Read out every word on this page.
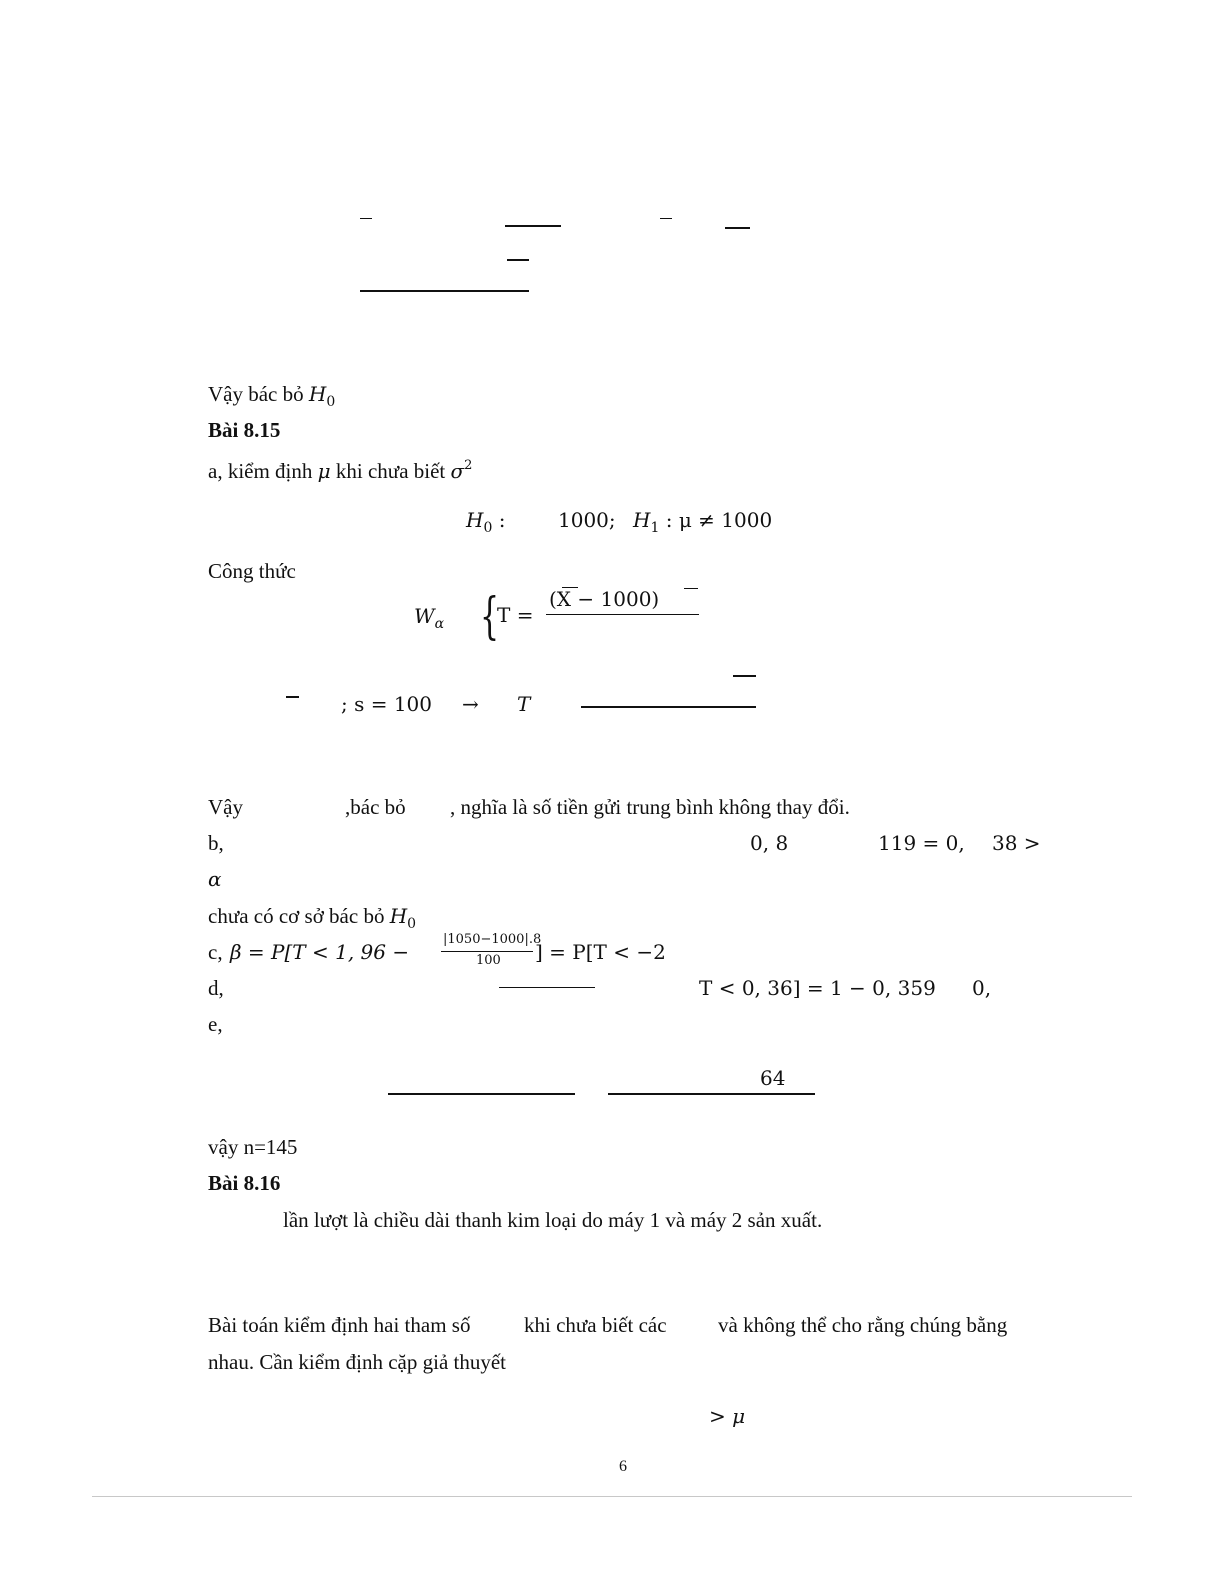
Vậy bác bỏ $H_0$

Bài 8.15

a, kiểm định μ khi chưa biết $\sigma^2$

$H_0$ :	1000; $H_1$ : μ ≠ 1000

Công thức

$W_\alpha$ {

T =

(X − 1000)

; s = 100 → T

Vậy	,bác bỏ , nghĩa là số tiền gửi trung bình không thay đổi.

b,	0, 8	119 = 0, 38 >

α

chưa có cơ sở bác bỏ $H_0$

c, β = P[T < 1, 96 −

|1050−1000|.8

100 ] = P[T < −2

d,	T < 0, 36] = 1 − 0, 359 0,

e,

64

vậy n=145

Bài 8.16

lần lượt là chiều dài thanh kim loại do máy 1 và máy 2 sản xuất.

Bài toán kiểm định hai tham số	khi chưa biết các và không thể cho rằng chúng bằng

nhau. Cần kiểm định cặp giả thuyết

> μ

6
